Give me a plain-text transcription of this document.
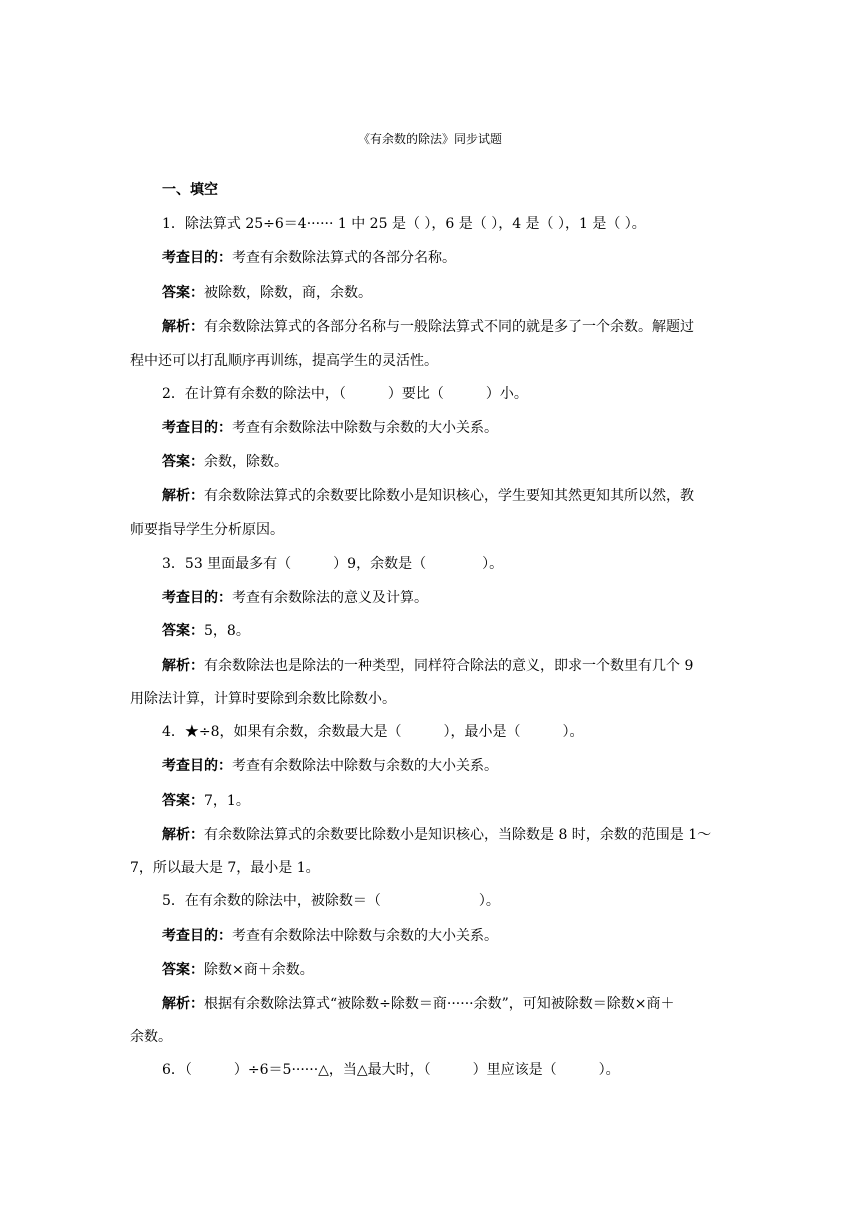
《有余数的除法》同步试题
一、填空
1．除法算式 25÷6＝4······ 1 中 25 是（ ），6 是（ ），4 是（ ），1 是（ ）。
考查目的：考查有余数除法算式的各部分名称。
答案：被除数，除数，商，余数。
解析：有余数除法算式的各部分名称与一般除法算式不同的就是多了一个余数。解题过
程中还可以打乱顺序再训练，提高学生的灵活性。
2．在计算有余数的除法中，（　　　）要比（　　　）小。
考查目的：考查有余数除法中除数与余数的大小关系。
答案：余数，除数。
解析：有余数除法算式的余数要比除数小是知识核心，学生要知其然更知其所以然，教
师要指导学生分析原因。
3．53 里面最多有（　　　）9，余数是（　　　　）。
考查目的：考查有余数除法的意义及计算。
答案：5，8。
解析：有余数除法也是除法的一种类型，同样符合除法的意义，即求一个数里有几个 9
用除法计算，计算时要除到余数比除数小。
4．★÷8，如果有余数，余数最大是（　　　），最小是（　　　）。
考查目的：考查有余数除法中除数与余数的大小关系。
答案：7，1。
解析：有余数除法算式的余数要比除数小是知识核心，当除数是 8 时，余数的范围是 1～
7，所以最大是 7，最小是 1。
5．在有余数的除法中，被除数＝（　　　　　　　）。
考查目的：考查有余数除法中除数与余数的大小关系。
答案：除数×商＋余数。
解析：根据有余数除法算式“被除数÷除数＝商······余数”，可知被除数＝除数×商＋
余数。
6．（　　　）÷6＝5······△，当△最大时，（　　　）里应该是（　　　）。
